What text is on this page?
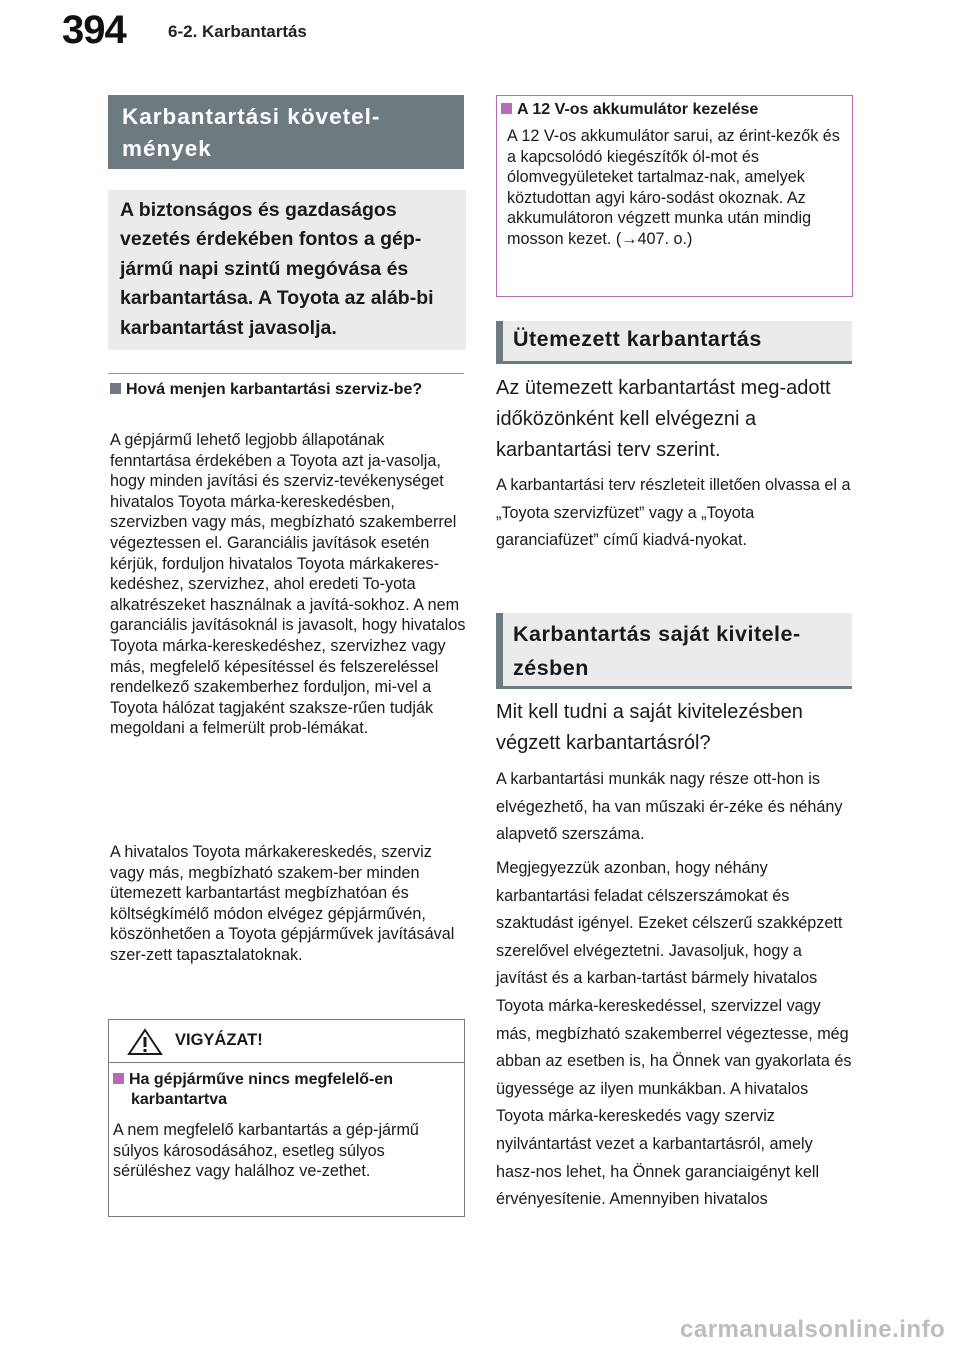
394 6-2. Karbantartás
Karbantartási követel-
mények
A biztonságos és gazdaságos vezetés érdekében fontos a gép-jármű napi szintű megóvása és karbantartása. A Toyota az aláb-bi karbantartást javasolja.
Hová menjen karbantartási szerviz-be?
A gépjármű lehető legjobb állapotának fenntartása érdekében a Toyota azt ja-vasolja, hogy minden javítási és szerviz-tevékenységet hivatalos Toyota márka-kereskedésben, szervizben vagy más, megbízható szakemberrel végeztessen el. Garanciális javítások esetén kérjük, forduljon hivatalos Toyota márkakeres-kedéshez, szervizhez, ahol eredeti To-yota alkatrészeket használnak a javítá-sokhoz. A nem garanciális javításoknál is javasolt, hogy hivatalos Toyota márka-kereskedéshez, szervizhez vagy más, megfelelő képesítéssel és felszereléssel rendelkező szakemberhez forduljon, mi-vel a Toyota hálózat tagjaként szakszе-rűen tudják megoldani a felmerült prob-lémákat.
A hivatalos Toyota márkakereskedés, szerviz vagy más, megbízható szakem-ber minden ütemezett karbantartást megbízhatóan és költségkímélő módon elvégez gépjárművén, köszönhetően a Toyota gépjárművek javításával szer-zett tapasztalatoknak.
VIGYÁZAT!
Ha gépjárműve nincs megfelelő-en karbantartva
A nem megfelelő karbantartás a gép-jármű súlyos károsodásához, esetleg súlyos sérüléshez vagy halálhoz ve-zethet.
A 12 V-os akkumulátor kezelése
A 12 V-os akkumulátor sarui, az érint-kezők és a kapcsolódó kiegészítők ól-mot és ólomvegyületeket tartalmaz-nak, amelyek köztudottan agyi káro-sodást okoznak. Az akkumulátoron végzett munka után mindig mosson kezet. (→407. o.)
Ütemezett karbantartás
Az ütemezett karbantartást meg-adott időközönként kell elvégezni a karbantartási terv szerint.
A karbantartási terv részleteit illetően olvassa el a „Toyota szervizfüzet” vagy a „Toyota garanciafüzet” című kiadvá-nyokat.
Karbantartás saját kivitele-
zésben
Mit kell tudni a saját kivitelezésben végzett karbantartásról?
A karbantartási munkák nagy része ott-hon is elvégezhető, ha van műszaki ér-zéke és néhány alapvető szerszáma.
Megjegyezzük azonban, hogy néhány karbantartási feladat célszerszámokat és szaktudást igényel. Ezeket célszerű szakképzett szerelővel elvégeztetni. Javasoljuk, hogy a javítást és a karban-tartást bármely hivatalos Toyota márka-kereskedéssel, szervizzel vagy más, megbízható szakemberrel végeztesse, még abban az esetben is, ha Önnek van gyakorlata és ügyessége az ilyen munkákban. A hivatalos Toyota márka-kereskedés vagy szerviz nyilvántartást vezet a karbantartásról, amely hasz-nos lehet, ha Önnek garanciaigényt kell érvényesítenie. Amennyiben hivatalos
carmanualsonline.info
